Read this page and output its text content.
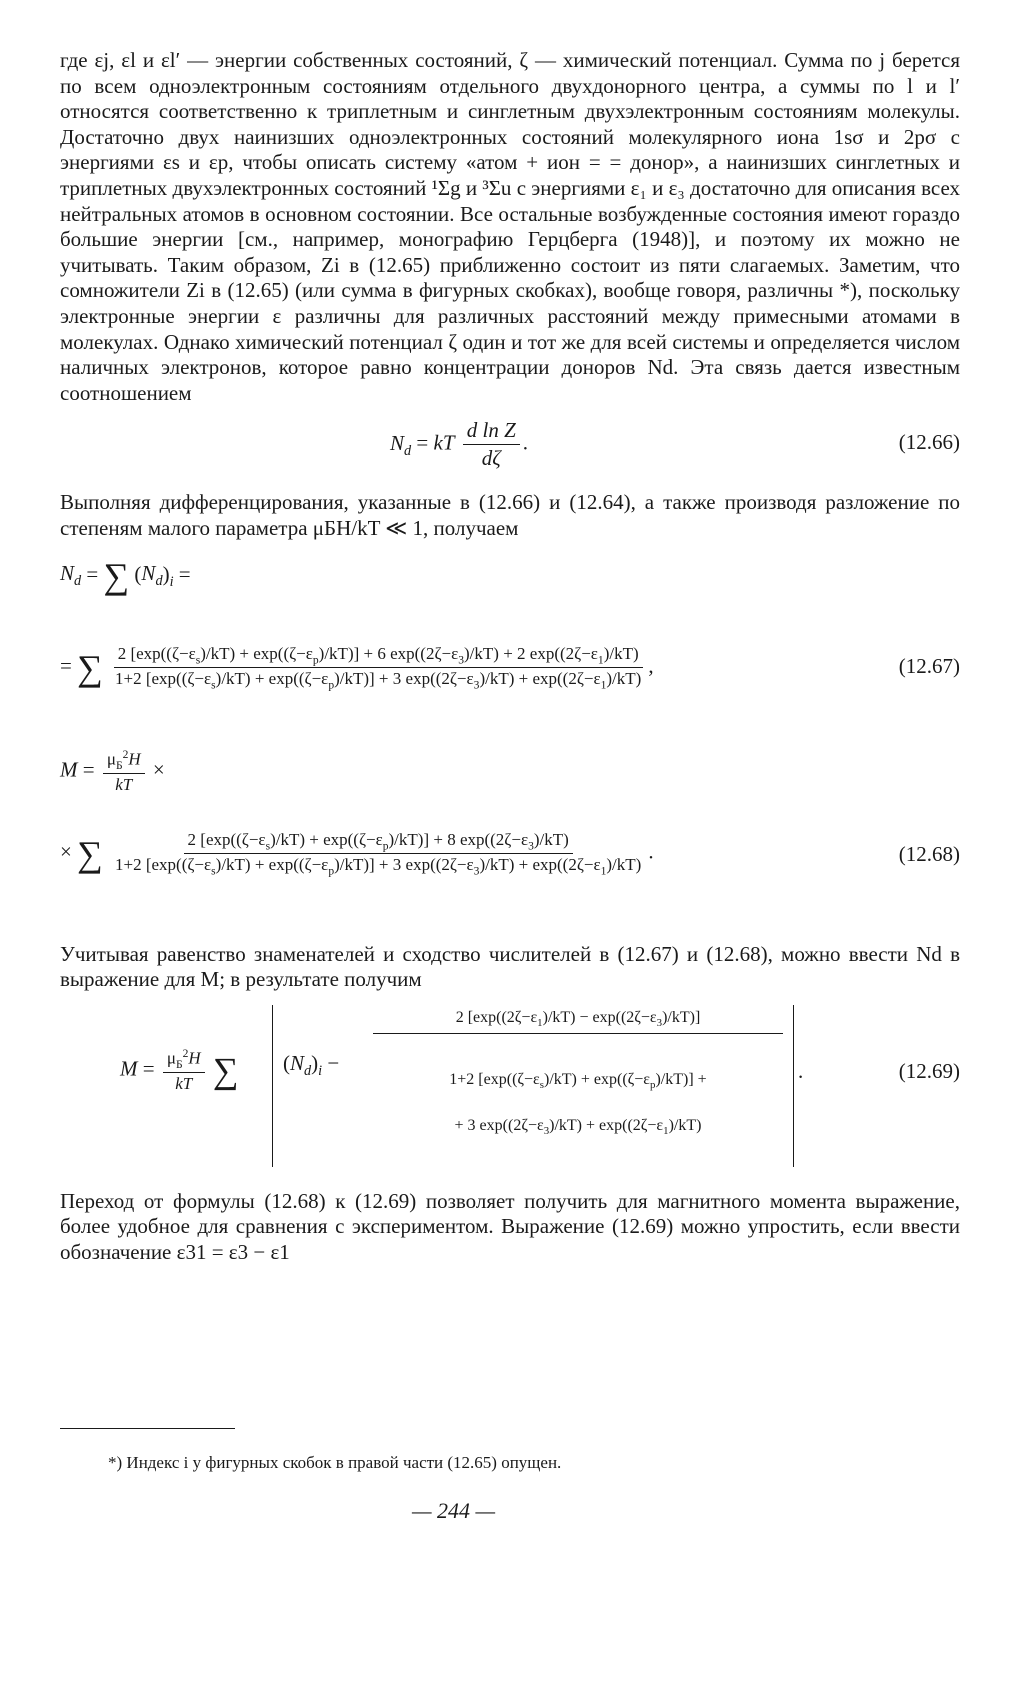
где εj, εl и εl′ — энергии собственных состояний, ζ — химический потенциал. Сумма по j берется по всем одноэлектронным состояниям отдельного двухдонорного центра, а суммы по l и l′ относятся соответственно к триплетным и синглетным двухэлектронным состояниям молекулы. Достаточно двух наинизших одноэлектронных состояний молекулярного иона 1sσ и 2pσ с энергиями εs и εp, чтобы описать систему «атом + ион = = донор», а наинизших синглетных и триплетных двухэлектронных состояний ¹Σg и ³Σu с энергиями ε₁ и ε₃ достаточно для описания всех нейтральных атомов в основном состоянии. Все остальные возбужденные состояния имеют гораздо большие энергии [см., например, монографию Герцберга (1948)], и поэтому их можно не учитывать. Таким образом, Zi в (12.65) приближенно состоит из пяти слагаемых. Заметим, что сомножители Zi в (12.65) (или сумма в фигурных скобках), вообще говоря, различны *), поскольку электронные энергии ε различны для различных расстояний между примесными атомами в молекулах. Однако химический потенциал ζ один и тот же для всей системы и определяется числом наличных электронов, которое равно концентрации доноров Nd. Эта связь дается известным соотношением

$N_d$ = kT $\frac{\text{d ln Z}}{d\zeta}$ .	(12.66)

Выполняя дифференцирования, указанные в (12.66) и (12.64), а также производя разложение по степеням малого параметра μБH/kT ≪ 1, получаем

$N_d$ = ∑ $(N_d)_i$ =
= ∑ 2 $[\exp((\zeta-\varepsilon_s)/kT) + \exp((\zeta-\varepsilon_p)/kT)] + 6$ $\exp((2\zeta-\varepsilon_3)/kT) + 2$ $\exp((2\zeta-\varepsilon_1)/kT)$
1+2 $[\exp((\zeta-\varepsilon_s)/kT) + \exp((\zeta-\varepsilon_p)/kT)] + 3$ $\exp((2\zeta-\varepsilon_3)/kT) + \exp((2\zeta-\varepsilon_1)/kT)$
,	(12.67)
$M = \frac{\mu_Б^2H}{kT}$ ×
× ∑	2 $[\exp((\zeta-\varepsilon_s)/kT) + \exp((\zeta-\varepsilon_p)/kT)] + 8$ $\exp((2\zeta-\varepsilon_3)/kT)$
1+2 $[\exp((\zeta-\varepsilon_s)/kT) + \exp((\zeta-\varepsilon_p)/kT)] + 3$ $\exp((2\zeta-\varepsilon_3)/kT) + \exp((2\zeta-\varepsilon_1)/kT)$
.	(12.68)

Учитывая равенство знаменателей и сходство числителей в (12.67) и (12.68), можно ввести Nd в выражение для M; в результате получим

$M = \frac{\mu_Б^2H}{kT}$ ∑ $(N_d)_i$ −
2 $[\exp((2\zeta-\varepsilon_1)/kT) - \exp((2\zeta-\varepsilon_3)/kT)]$
1+2 $[\exp((\zeta-\varepsilon_s)/kT) + \exp((\zeta-\varepsilon_p)/kT)]$ +
+ 3 $\exp((2\zeta-\varepsilon_3)/kT) + \exp((2\zeta-\varepsilon_1)/kT)$
.	(12.69)

Переход от формулы (12.68) к (12.69) позволяет получить для магнитного момента выражение, более удобное для сравнения с экспериментом. Выражение (12.69) можно упростить, если ввести обозначение ε31 = ε3 − ε1

*) Индекс i у фигурных скобок в правой части (12.65) опущен.
— 244 —
